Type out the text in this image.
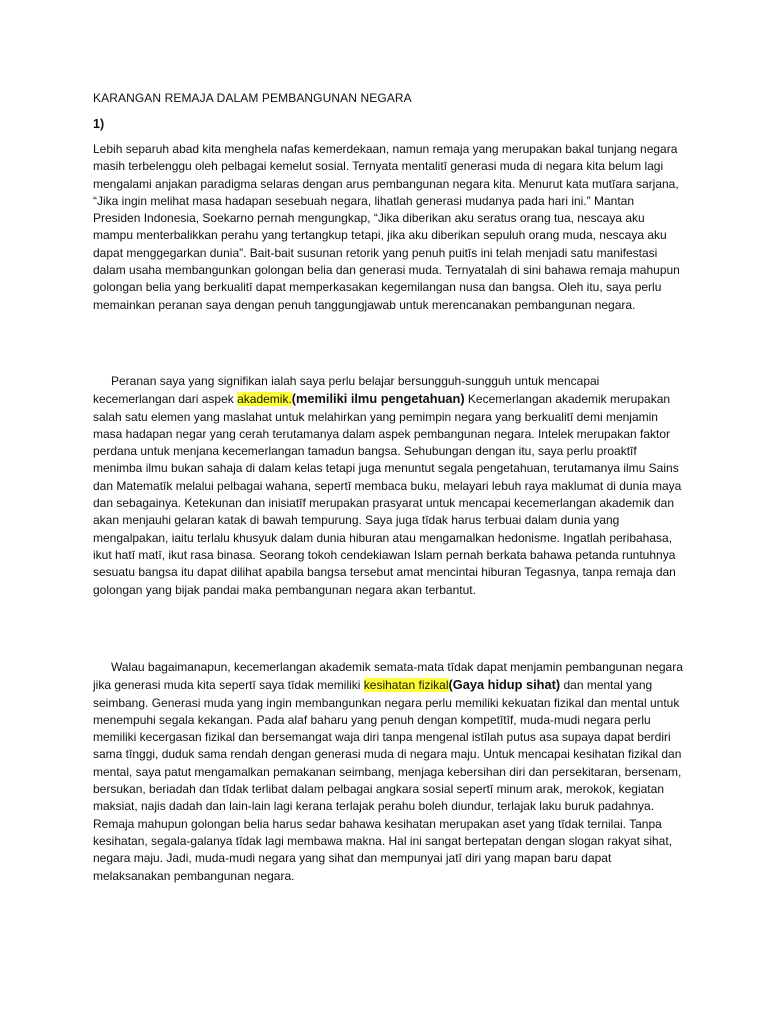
KARANGAN REMAJA DALAM PEMBANGUNAN NEGARA
1)

Lebih separuh abad kita menghela nafas kemerdekaan, namun remaja yang merupakan bakal tunjang negara masih terbelenggu oleh pelbagai kemelut sosial. Ternyata mentalitī generasi muda di negara kita belum lagi mengalami anjakan paradigma selaras dengan arus pembangunan negara kita. Menurut kata mutīara sarjana, “Jika ingin melihat masa hadapan sesebuah negara, lihatlah generasi mudanya pada hari ini.” Mantan Presiden Indonesia, Soekarno pernah mengungkap, “Jika diberikan aku seratus orang tua, nescaya aku mampu menterbalikkan perahu yang tertangkup tetapi, jika aku diberikan sepuluh orang muda, nescaya aku dapat menggegarkan dunia”. Bait-bait susunan retorik yang penuh puitīs ini telah menjadi satu manifestasi dalam usaha membangunkan golongan belia dan generasi muda. Ternyatalah di sini bahawa remaja mahupun golongan belia yang berkualitī dapat memperkasakan kegemilangan nusa dan bangsa. Oleh itu, saya perlu memainkan peranan saya dengan penuh tanggungjawab untuk merencanakan pembangunan negara.

Peranan saya yang signifikan ialah saya perlu belajar bersungguh-sungguh untuk mencapai kecemerlangan dari aspek akademik.(memiliki ilmu pengetahuan) Kecemerlangan akademik merupakan salah satu elemen yang maslahat untuk melahirkan yang pemimpin negara yang berkualitī demi menjamin masa hadapan negar yang cerah terutamanya dalam aspek pembangunan negara. Intelek merupakan faktor perdana untuk menjana kecemerlangan tamadun bangsa. Sehubungan dengan itu, saya perlu proaktīf menimba ilmu bukan sahaja di dalam kelas tetapi juga menuntut segala pengetahuan, terutamanya ilmu Sains dan Matematīk melalui pelbagai wahana, sepertī membaca buku, melayari lebuh raya maklumat di dunia maya dan sebagainya. Ketekunan dan inisiatīf merupakan prasyarat untuk mencapai kecemerlangan akademik dan akan menjauhi gelaran katak di bawah tempurung. Saya juga tīdak harus terbuai dalam dunia yang mengalpakan, iaitu terlalu khusyuk dalam dunia hiburan atau mengamalkan hedonisme. Ingatlah peribahasa, ikut hatī matī, ikut rasa binasa. Seorang tokoh cendekiawan Islam pernah berkata bahawa petanda runtuhnya sesuatu bangsa itu dapat dilihat apabila bangsa tersebut amat mencintai hiburan Tegasnya, tanpa remaja dan golongan yang bijak pandai maka pembangunan negara akan terbantut.

Walau bagaimanapun, kecemerlangan akademik semata-mata tīdak dapat menjamin pembangunan negara jika generasi muda kita sepertī saya tīdak memiliki kesihatan fizikal(Gaya hidup sihat) dan mental yang seimbang. Generasi muda yang ingin membangunkan negara perlu memiliki kekuatan fizikal dan mental untuk menempuhi segala kekangan. Pada alaf baharu yang penuh dengan kompetītīf, muda-mudi negara perlu memiliki kecergasan fizikal dan bersemangat waja diri tanpa mengenal istīlah putus asa supaya dapat berdiri sama tīnggi, duduk sama rendah dengan generasi muda di negara maju. Untuk mencapai kesihatan fizikal dan mental, saya patut mengamalkan pemakanan seimbang, menjaga kebersihan diri dan persekitaran, bersenam, bersukan, beriadah dan tīdak terlibat dalam pelbagai angkara sosial sepertī minum arak, merokok, kegiatan maksiat, najis dadah dan lain-lain lagi kerana terlajak perahu boleh diundur, terlajak laku buruk padahnya. Remaja mahupun golongan belia harus sedar bahawa kesihatan merupakan aset yang tīdak ternilai. Tanpa kesihatan, segala-galanya tīdak lagi membawa makna. Hal ini sangat bertepatan dengan slogan rakyat sihat, negara maju. Jadi, muda-mudi negara yang sihat dan mempunyai jatī diri yang mapan baru dapat melaksanakan pembangunan negara.
